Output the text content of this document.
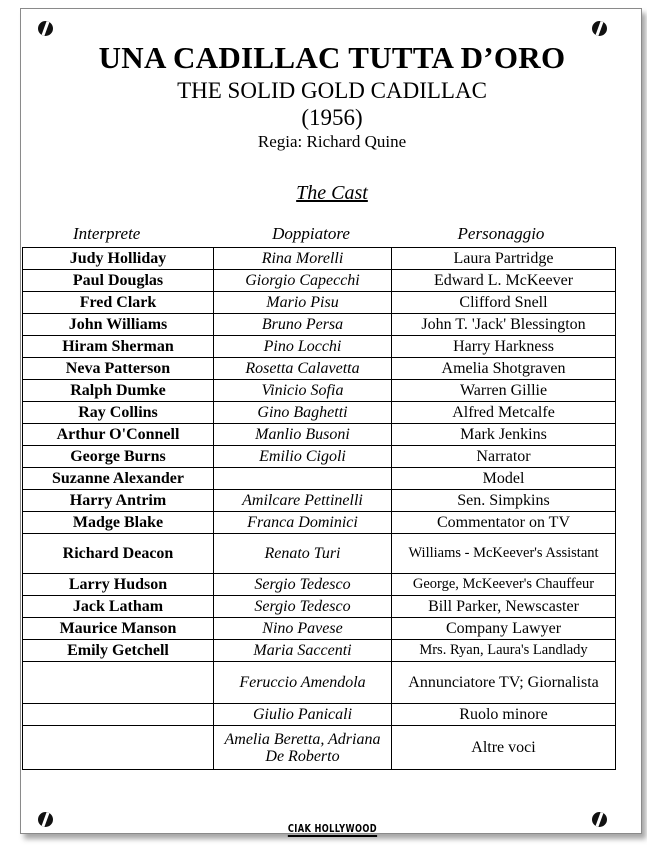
UNA CADILLAC TUTTA D’ORO
THE SOLID GOLD CADILLAC
(1956)
Regia: Richard Quine
The Cast
Interprete	Doppiatore	Personaggio
Judy Holliday	Rina Morelli	Laura Partridge
Paul Douglas	Giorgio Capecchi	Edward L. McKeever
Fred Clark	Mario Pisu	Clifford Snell
John Williams	Bruno Persa	John T. 'Jack' Blessington
Hiram Sherman	Pino Locchi	Harry Harkness
Neva Patterson	Rosetta Calavetta	Amelia Shotgraven
Ralph Dumke	Vinicio Sofia	Warren Gillie
Ray Collins	Gino Baghetti	Alfred Metcalfe
Arthur O'Connell	Manlio Busoni	Mark Jenkins
George Burns	Emilio Cigoli	Narrator
Suzanne Alexander		Model
Harry Antrim	Amilcare Pettinelli	Sen. Simpkins
Madge Blake	Franca Dominici	Commentator on TV
Richard Deacon	Renato Turi	Williams - McKeever's Assistant
Larry Hudson	Sergio Tedesco	George, McKeever's Chauffeur
Jack Latham	Sergio Tedesco	Bill Parker, Newscaster
Maurice Manson	Nino Pavese	Company Lawyer
Emily Getchell	Maria Saccenti	Mrs. Ryan, Laura's Landlady
	Feruccio Amendola	Annunciatore TV; Giornalista
	Giulio Panicali	Ruolo minore
	Amelia Beretta, Adriana De Roberto	Altre voci
CIAK HOLLYWOOD
